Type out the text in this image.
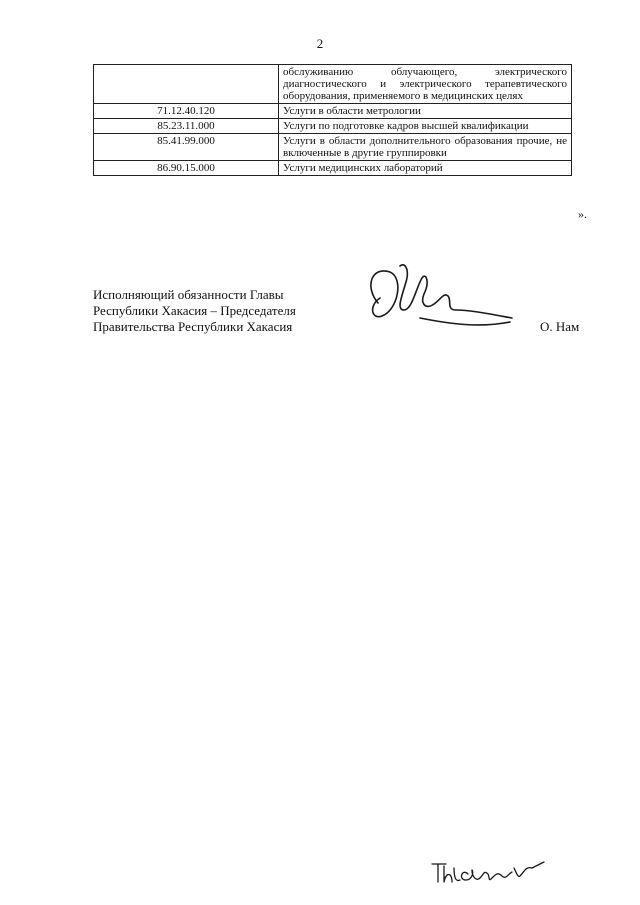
2
	обслуживанию облучающего, электрического диагностического и электрического терапевтического оборудования, применяемого в медицинских целях
71.12.40.120	Услуги в области метрологии
85.23.11.000	Услуги по подготовке кадров высшей квалификации
85.41.99.000	Услуги в области дополнительного образования прочие, не включенные в другие группировки
86.90.15.000	Услуги медицинских лабораторий
».
Исполняющий обязанности Главы
Республики Хакасия – Председателя
Правительства Республики Хакасия	О. Нам
